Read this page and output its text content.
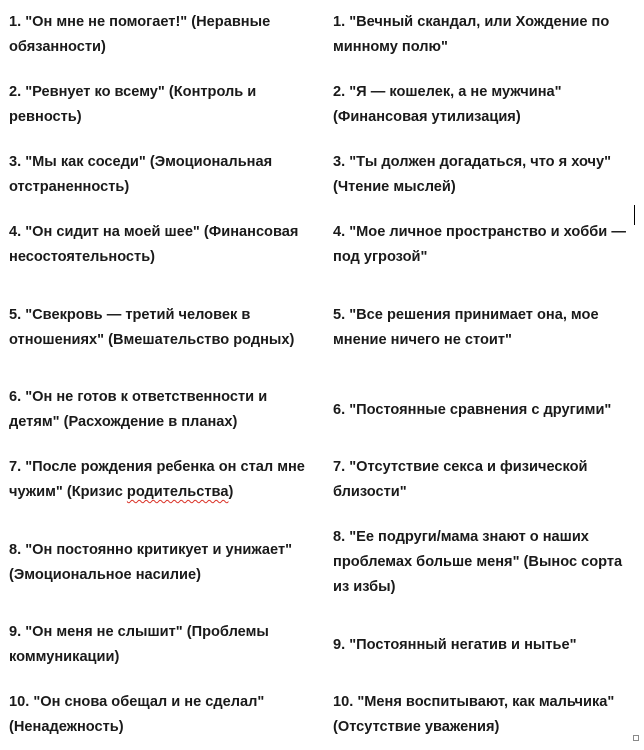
1. "Он мне не помогает!" (Неравные обязанности)	1. "Вечный скандал, или Хождение по минному полю"

2. "Ревнует ко всему" (Контроль и ревность)	2. "Я — кошелек, а не мужчина" (Финансовая утилизация)

3. "Мы как соседи" (Эмоциональная отстраненность)	3. "Ты должен догадаться, что я хочу" (Чтение мыслей)

4. "Он сидит на моей шее" (Финансовая несостоятельность)	4. "Мое личное пространство и хобби — под угрозой"

5. "Свекровь — третий человек в отношениях" (Вмешательство родных)	5. "Все решения принимает она, мое мнение ничего не стоит"

6. "Он не готов к ответственности и детям" (Расхождение в планах)	6. "Постоянные сравнения с другими"

7. "После рождения ребенка он стал мне чужим" (Кризис родительства)	7. "Отсутствие секса и физической близости"

8. "Он постоянно критикует и унижает" (Эмоциональное насилие)	8. "Ее подруги/мама знают о наших проблемах больше меня" (Вынос сорта из избы)

9. "Он меня не слышит" (Проблемы коммуникации)	9. "Постоянный негатив и нытье"

10. "Он снова обещал и не сделал" (Ненадежность)	10. "Меня воспитывают, как мальчика" (Отсутствие уважения)
